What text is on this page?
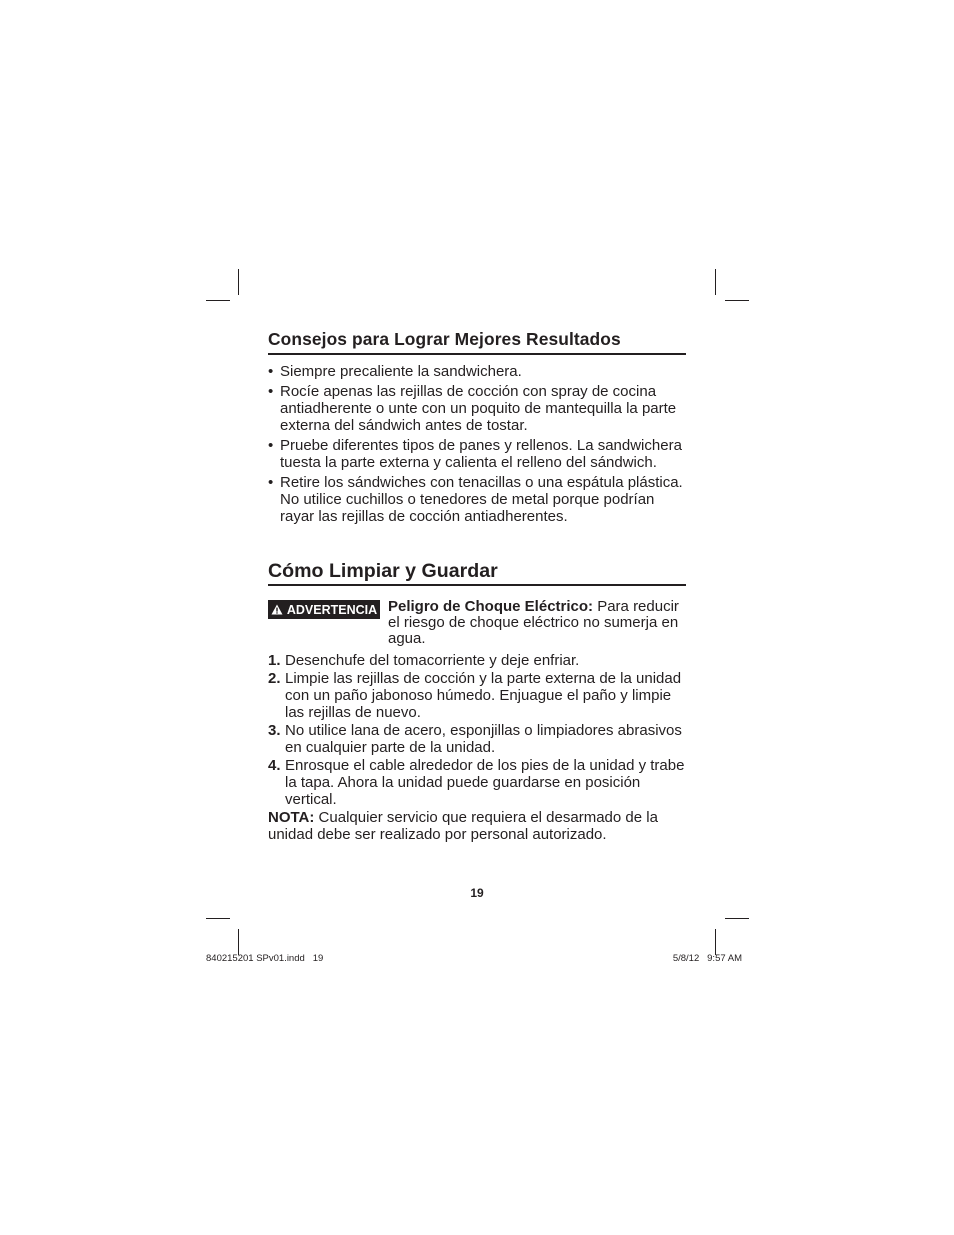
Consejos para Lograr Mejores Resultados
• Siempre precaliente la sandwichera.
• Rocíe apenas las rejillas de cocción con spray de cocina antiadherente o unte con un poquito de mantequilla la parte externa del sándwich antes de tostar.
• Pruebe diferentes tipos de panes y rellenos. La sandwichera tuesta la parte externa y calienta el relleno del sándwich.
• Retire los sándwiches con tenacillas o una espátula plástica. No utilice cuchillos o tenedores de metal porque podrían rayar las rejillas de cocción antiadherentes.
Cómo Limpiar y Guardar
ADVERTENCIA Peligro de Choque Eléctrico: Para reducir el riesgo de choque eléctrico no sumerja en agua.
1. Desenchufe del tomacorriente y deje enfriar.
2. Limpie las rejillas de cocción y la parte externa de la unidad con un paño jabonoso húmedo. Enjuague el paño y limpie las rejillas de nuevo.
3. No utilice lana de acero, esponjillas o limpiadores abrasivos en cualquier parte de la unidad.
4. Enrosque el cable alrededor de los pies de la unidad y trabe la tapa. Ahora la unidad puede guardarse en posición vertical.

NOTA: Cualquier servicio que requiera el desarmado de la unidad debe ser realizado por personal autorizado.

19
840215201 SPv01.indd   19	5/8/12   9:57 AM
